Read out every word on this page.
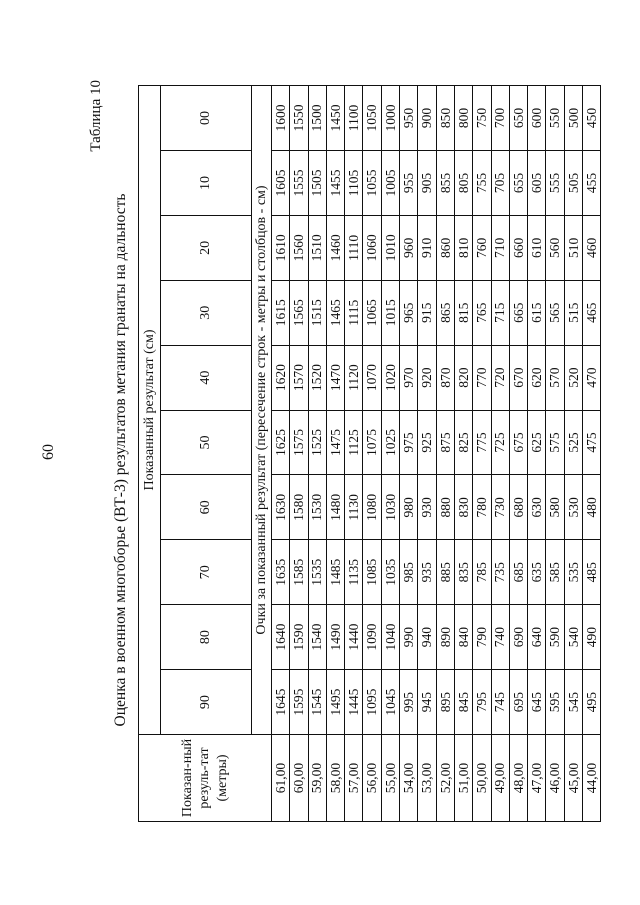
60
Таблица 10
Оценка в военном многоборье (ВТ-3) результатов метания гранаты на дальность
Показан-ный резуль-тат (метры)	Показанный результат (см)									
	90	80	70	60	50	40	30	20	10	00
	Очки за показанный результат (пересечение строк - метры и столбцов - см)									
61,00	1645	1640	1635	1630	1625	1620	1615	1610	1605	1600
60,00	1595	1590	1585	1580	1575	1570	1565	1560	1555	1550
59,00	1545	1540	1535	1530	1525	1520	1515	1510	1505	1500
58,00	1495	1490	1485	1480	1475	1470	1465	1460	1455	1450
57,00	1445	1440	1135	1130	1125	1120	1115	1110	1105	1100
56,00	1095	1090	1085	1080	1075	1070	1065	1060	1055	1050
55,00	1045	1040	1035	1030	1025	1020	1015	1010	1005	1000
54,00	995	990	985	980	975	970	965	960	955	950
53,00	945	940	935	930	925	920	915	910	905	900
52,00	895	890	885	880	875	870	865	860	855	850
51,00	845	840	835	830	825	820	815	810	805	800
50,00	795	790	785	780	775	770	765	760	755	750
49,00	745	740	735	730	725	720	715	710	705	700
48,00	695	690	685	680	675	670	665	660	655	650
47,00	645	640	635	630	625	620	615	610	605	600
46,00	595	590	585	580	575	570	565	560	555	550
45,00	545	540	535	530	525	520	515	510	505	500
44,00	495	490	485	480	475	470	465	460	455	450
